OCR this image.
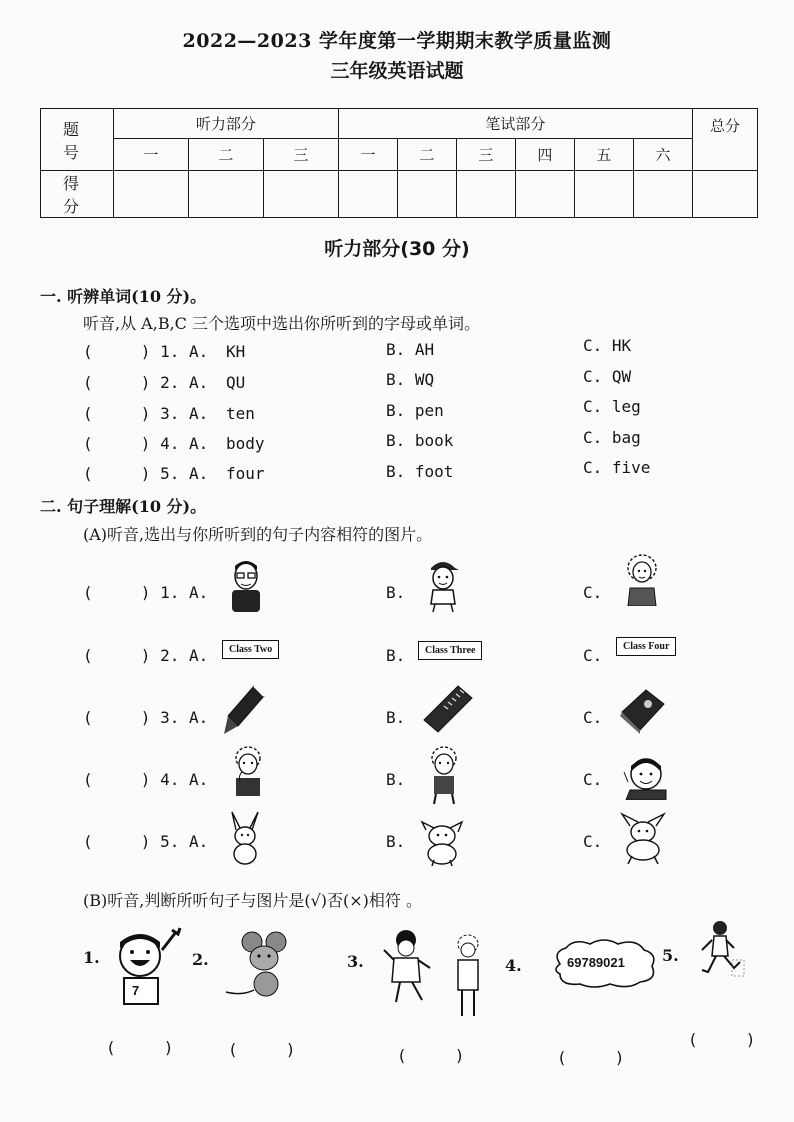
2022—2023 学年度第一学期期末教学质量监测
三年级英语试题
题 号	听力部分			笔试部分						总分
	一	二	三	一	二	三	四	五	六	
得 分										
听力部分(30 分)
一. 听辨单词(10 分)。
听音,从 A,B,C 三个选项中选出你所听到的字母或单词。
(     ) 1. A. KH	B. AH	C. HK
(     ) 2. A. QU	B. WQ	C. QW
(     ) 3. A. ten	B. pen	C. leg
(     ) 4. A. body	B. book	C. bag
(     ) 5. A. four	B. foot	C. five
二. 句子理解(10 分)。
(A)听音,选出与你所听到的句子内容相符的图片。
(     ) 1. A.	B.	C.
(     ) 2. A.	B.	C.
(     ) 3. A.	B.	C.
(     ) 4. A.	B.	C.
(     ) 5. A.	B.	C.
Class Two	Class Three	Class Four
(B)听音,判断所听句子与图片是(√)否(×)相符 。
1.	2.	3.	4.
5.
7
69789021
(     )	(     )	(     )	(     )
(     )
